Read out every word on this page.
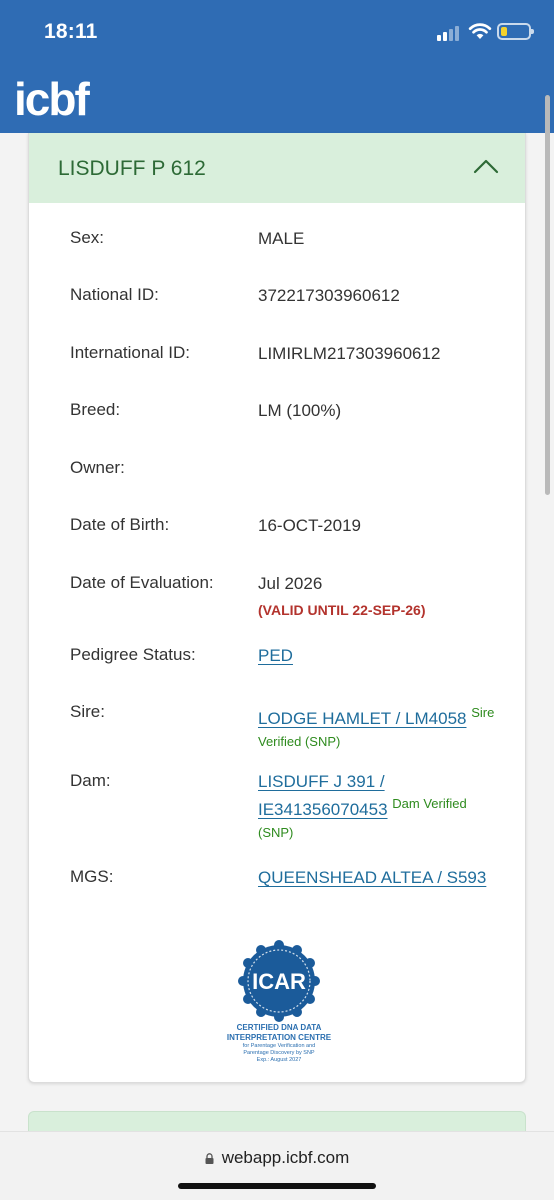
18:11
icbf
LISDUFF P 612
Sex:	MALE
National ID:	372217303960612
International ID:	LIMIRLM217303960612
Breed:	LM (100%)
Owner:
Date of Birth:	16-OCT-2019
Date of Evaluation:	Jul 2026
(VALID UNTIL 22-SEP-26)
Pedigree Status:	PED
Sire:	LODGE HAMLET / LM4058 $^{Sire}$
Verified (SNP)
Dam:	LISDUFF J 391 /
IE341356070453 $^{Dam Verified}$
(SNP)
MGS:	QUEENSHEAD ALTEA / S593
ICAR
CERTIFIED DNA DATA
INTERPRETATION CENTRE
for Parentage Verification and
Parentage Discovery by SNP
Exp.: August 2027
webapp.icbf.com
